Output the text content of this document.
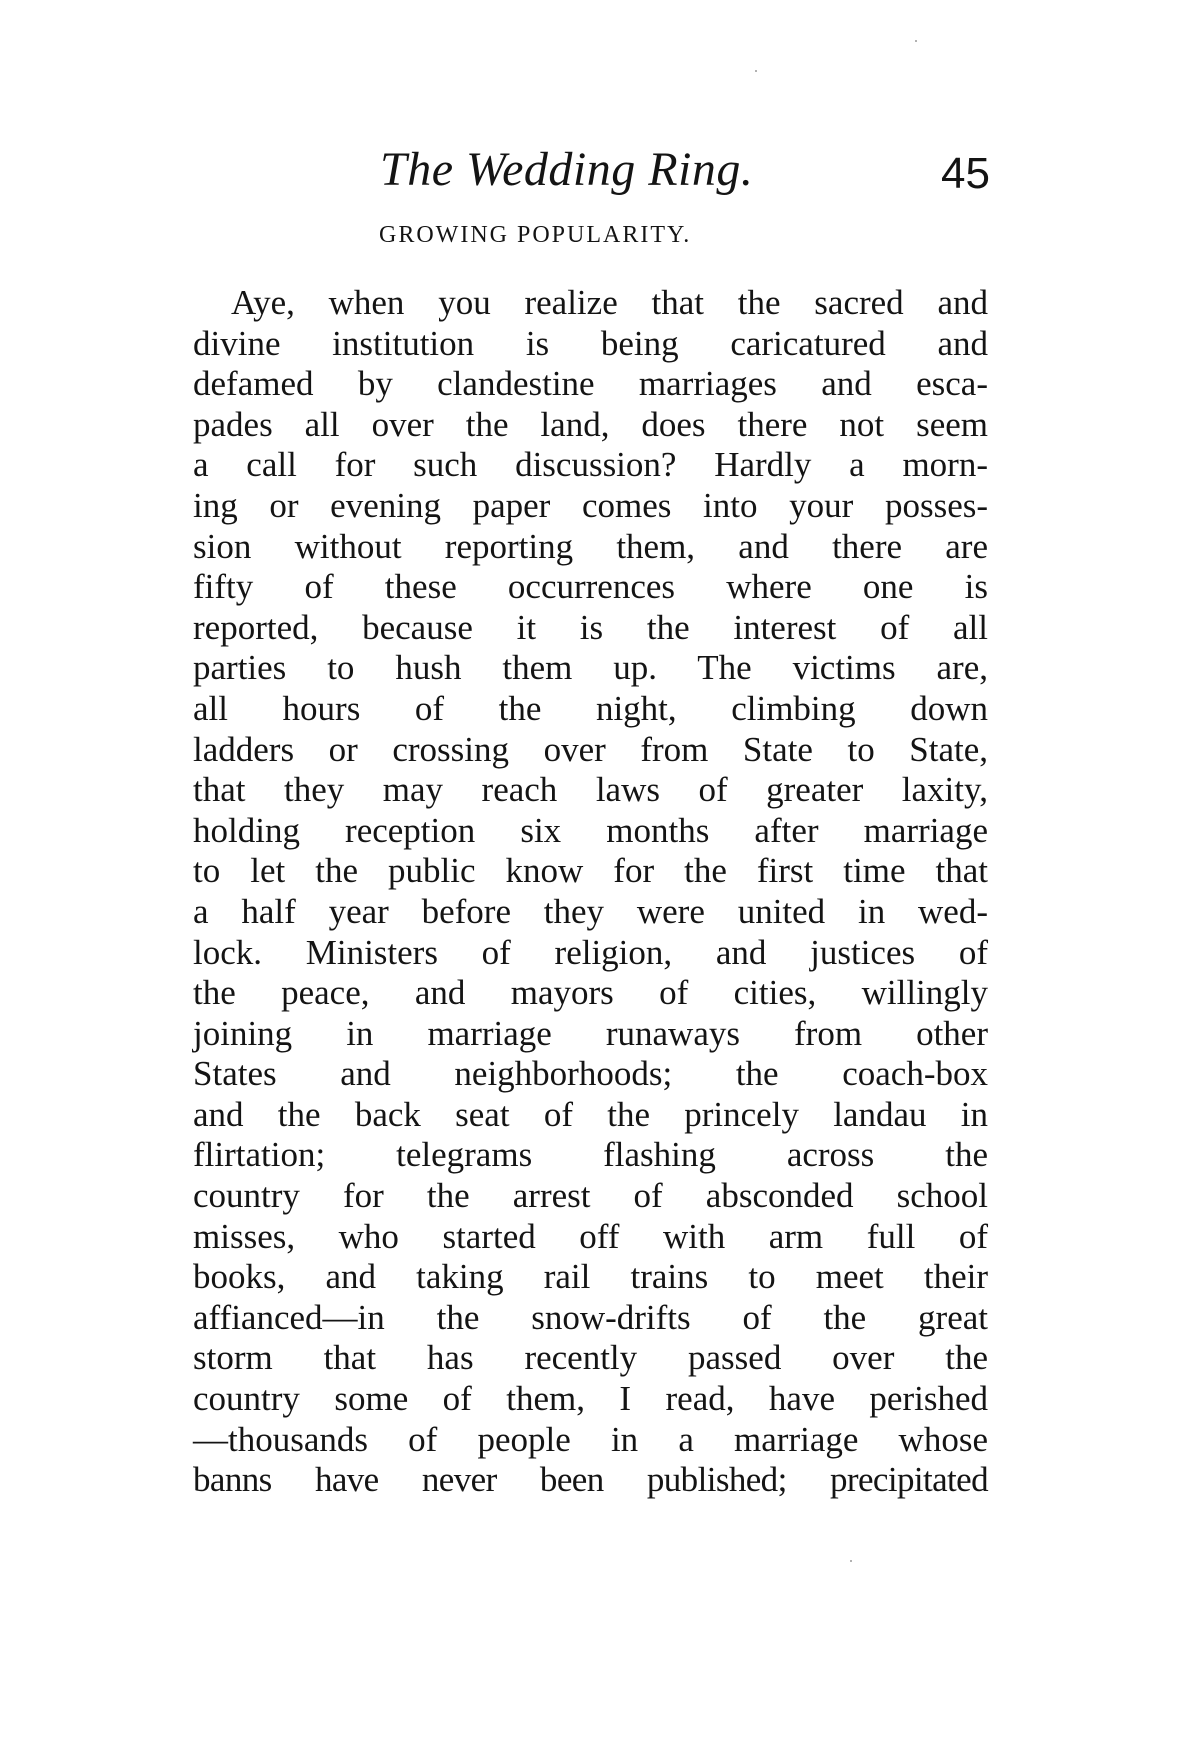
The Wedding Ring.	45
GROWING POPULARITY.
Aye, when you realize that the sacred and
divine institution is being caricatured and
defamed by clandestine marriages and esca-
pades all over the land, does there not seem
a call for such discussion? Hardly a morn-
ing or evening paper comes into your posses-
sion without reporting them, and there are
fifty of these occurrences where one is
reported, because it is the interest of all
parties to hush them up. The victims are,
all hours of the night, climbing down
ladders or crossing over from State to State,
that they may reach laws of greater laxity,
holding reception six months after marriage
to let the public know for the first time that
a half year before they were united in wed-
lock. Ministers of religion, and justices of
the peace, and mayors of cities, willingly
joining in marriage runaways from other
States and neighborhoods; the coach-box
and the back seat of the princely landau in
flirtation; telegrams flashing across the
country for the arrest of absconded school
misses, who started off with arm full of
books, and taking rail trains to meet their
affianced—in the snow-drifts of the great
storm that has recently passed over the
country some of them, I read, have perished
—thousands of people in a marriage whose
banns have never been published; precipitated
